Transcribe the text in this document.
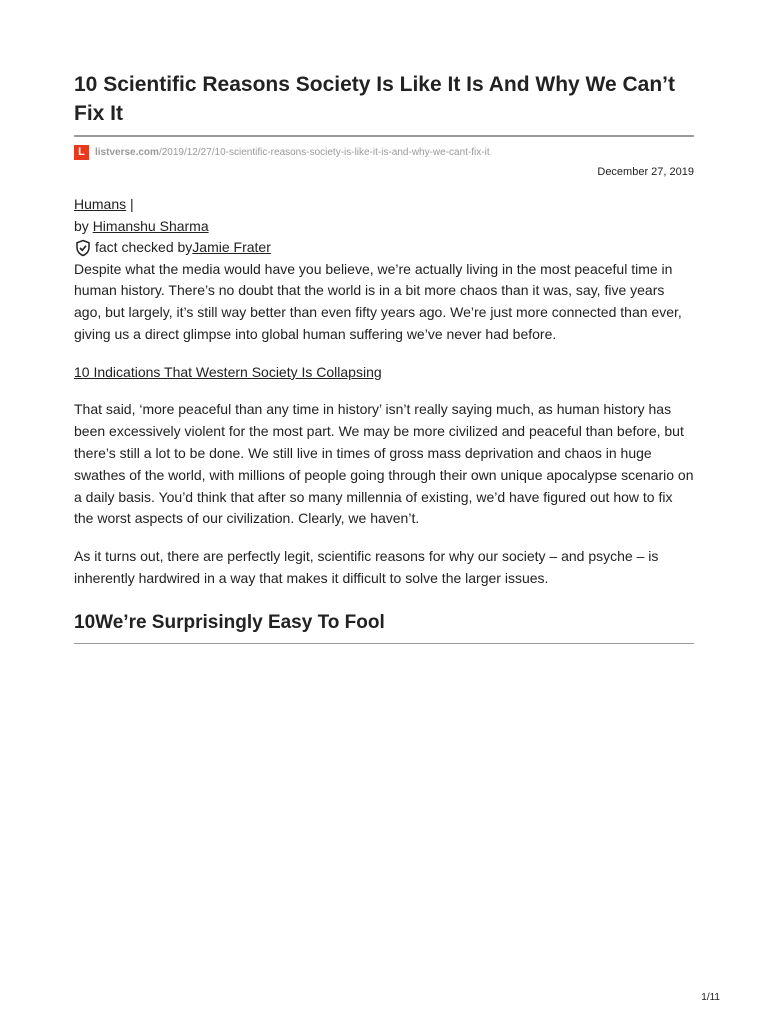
10 Scientific Reasons Society Is Like It Is And Why We Can’t Fix It
L	listverse.com/2019/12/27/10-scientific-reasons-society-is-like-it-is-and-why-we-cant-fix-it
December 27, 2019
Humans |
by Himanshu Sharma
fact checked by Jamie Frater

Despite what the media would have you believe, we’re actually living in the most peaceful time in human history. There’s no doubt that the world is in a bit more chaos than it was, say, five years ago, but largely, it’s still way better than even fifty years ago. We’re just more connected than ever, giving us a direct glimpse into global human suffering we’ve never had before.

10 Indications That Western Society Is Collapsing

That said, ‘more peaceful than any time in history’ isn’t really saying much, as human history has been excessively violent for the most part. We may be more civilized and peaceful than before, but there’s still a lot to be done. We still live in times of gross mass deprivation and chaos in huge swathes of the world, with millions of people going through their own unique apocalypse scenario on a daily basis. You’d think that after so many millennia of existing, we’d have figured out how to fix the worst aspects of our civilization. Clearly, we haven’t.

As it turns out, there are perfectly legit, scientific reasons for why our society – and psyche – is inherently hardwired in a way that makes it difficult to solve the larger issues.

10We’re Surprisingly Easy To Fool
1/11
